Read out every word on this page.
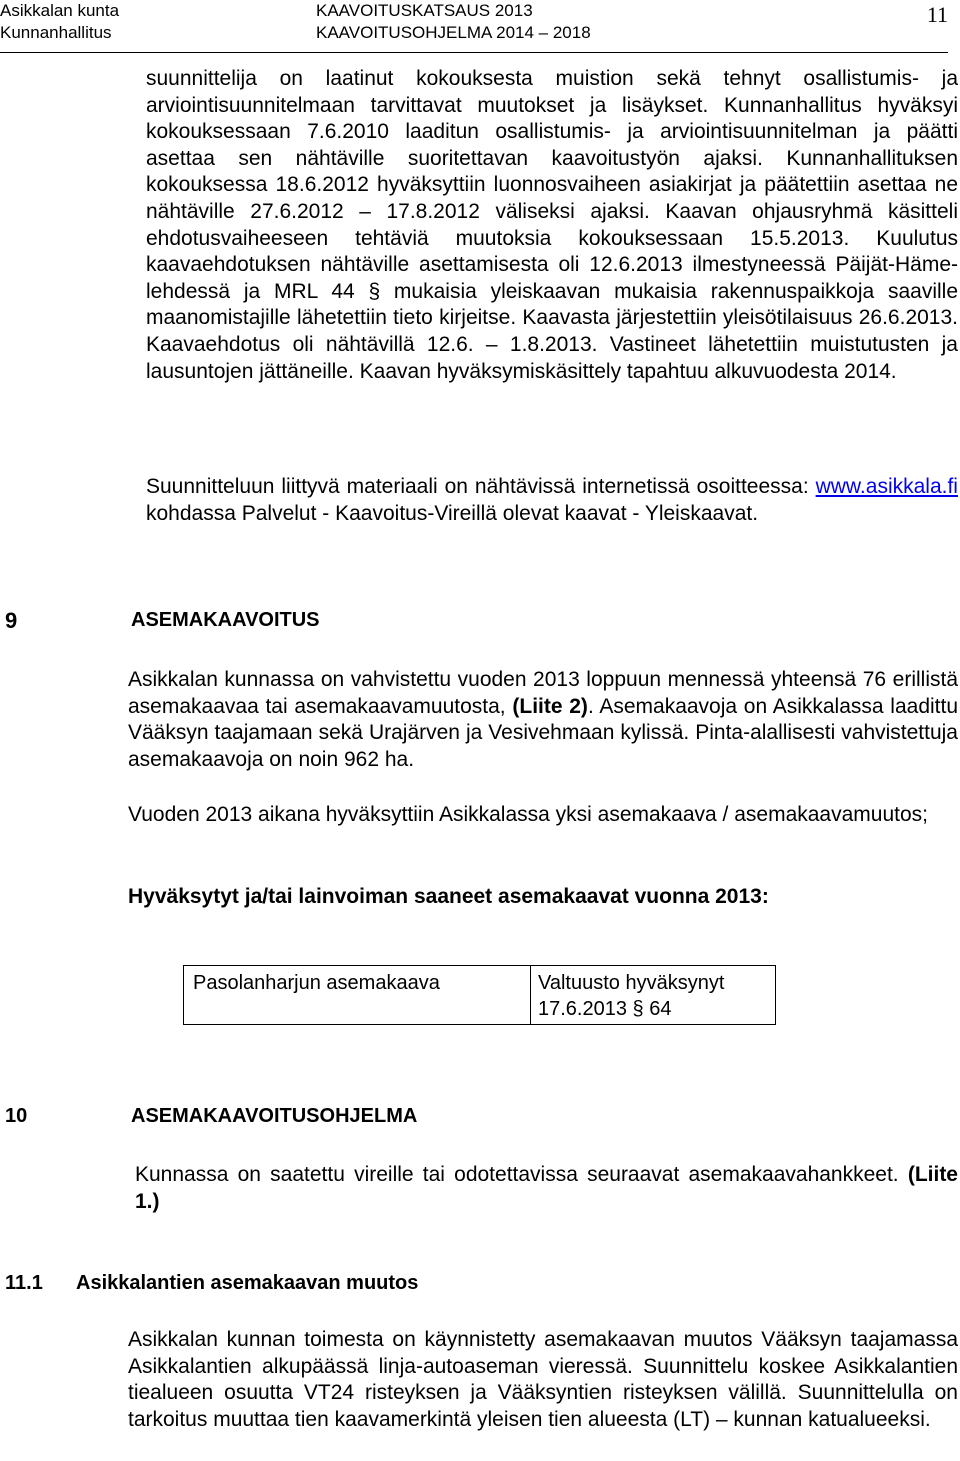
Asikkalan kunta
Kunnanhallitus
KAAVOITUSKATSAUS 2013
KAAVOITUSOHJELMA 2014 – 2018
11

suunnittelija on laatinut kokouksesta muistion sekä tehnyt osallistumis- ja arviointisuunnitelmaan tarvittavat muutokset ja lisäykset. Kunnanhallitus hyväksyi kokouksessaan 7.6.2010 laaditun osallistumis- ja arviointisuunnitelman ja päätti asettaa sen nähtäville suoritettavan kaavoitustyön ajaksi. Kunnanhallituksen kokouksessa 18.6.2012 hyväksyttiin luonnosvaiheen asiakirjat ja päätettiin asettaa ne nähtäville 27.6.2012 – 17.8.2012 väliseksi ajaksi. Kaavan ohjausryhmä käsitteli ehdotusvaiheeseen tehtäviä muutoksia kokouksessaan 15.5.2013. Kuulutus kaavaehdotuksen nähtäville asettamisesta oli 12.6.2013 ilmestyneessä Päijät-Häme-lehdessä ja MRL 44 § mukaisia yleiskaavan mukaisia rakennuspaikkoja saaville maanomistajille lähetettiin tieto kirjeitse. Kaavasta järjestettiin yleisötilaisuus 26.6.2013. Kaavaehdotus oli nähtävillä 12.6. – 1.8.2013. Vastineet lähetettiin muistutusten ja lausuntojen jättäneille. Kaavan hyväksymiskäsittely tapahtuu alkuvuodesta 2014.

Suunnitteluun liittyvä materiaali on nähtävissä internetissä osoitteessa: www.asikkala.fi kohdassa Palvelut - Kaavoitus-Vireillä olevat kaavat - Yleiskaavat.

9	ASEMAKAAVOITUS

Asikkalan kunnassa on vahvistettu vuoden 2013 loppuun mennessä yhteensä 76 erillistä asemakaavaa tai asemakaavamuutosta, (Liite 2). Asemakaavoja on Asikkalassa laadittu Vääksyn taajamaan sekä Urajärven ja Vesivehmaan kylissä. Pinta-alallisesti vahvistettuja asemakaavoja on noin 962 ha.

Vuoden 2013 aikana hyväksyttiin Asikkalassa yksi asemakaava / asemakaavamuutos;

Hyväksytyt ja/tai lainvoiman saaneet asemakaavat vuonna 2013:

Pasolanharjun asemakaava	Valtuusto hyväksynyt 17.6.2013 § 64
10	ASEMAKAAVOITUSOHJELMA

Kunnassa on saatettu vireille tai odotettavissa seuraavat asemakaavahankkeet. (Liite 1.)

11.1 Asikkalantien asemakaavan muutos

Asikkalan kunnan toimesta on käynnistetty asemakaavan muutos Vääksyn taajamassa Asikkalantien alkupäässä linja-autoaseman vieressä. Suunnittelu koskee Asikkalantien tiealueen osuutta VT24 risteyksen ja Vääksyntien risteyksen välillä. Suunnittelulla on tarkoitus muuttaa tien kaavamerkintä yleisen tien alueesta (LT) – kunnan katualueeksi.
